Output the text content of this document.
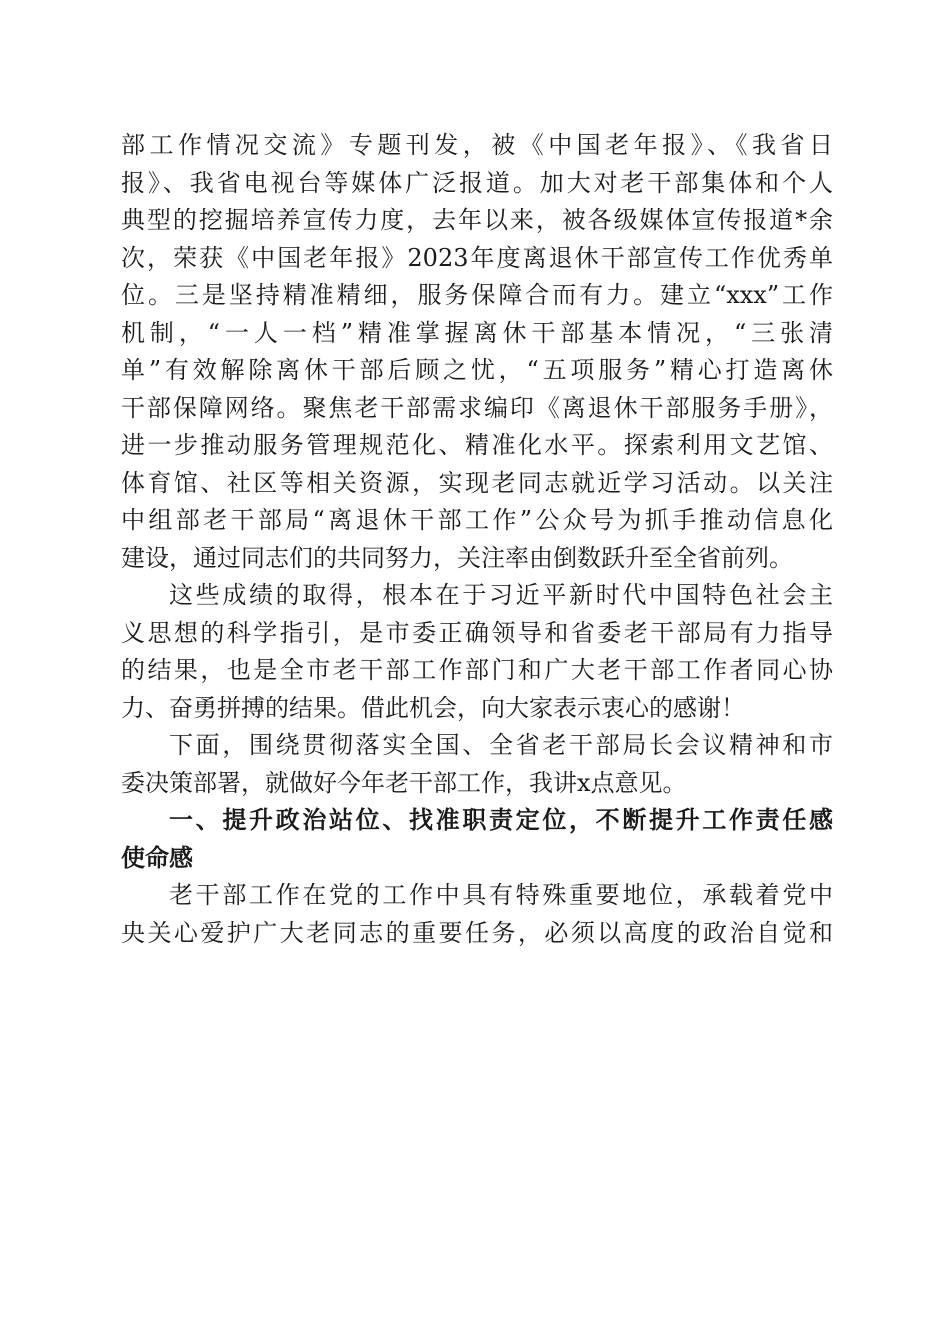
部工作情况交流》专题刊发，被《中国老年报》、《我省日
报》、我省电视台等媒体广泛报道。加大对老干部集体和个人
典型的挖掘培养宣传力度，去年以来，被各级媒体宣传报道*余
次，荣获《中国老年报》2023年度离退休干部宣传工作优秀单
位。三是坚持精准精细，服务保障合而有力。建立“xxx”工作
机制，“一人一档”精准掌握离休干部基本情况，“三张清
单”有效解除离休干部后顾之忧，“五项服务”精心打造离休
干部保障网络。聚焦老干部需求编印《离退休干部服务手册》，
进一步推动服务管理规范化、精准化水平。探索利用文艺馆、
体育馆、社区等相关资源，实现老同志就近学习活动。以关注
中组部老干部局“离退休干部工作”公众号为抓手推动信息化
建设，通过同志们的共同努力，关注率由倒数跃升至全省前列。
这些成绩的取得，根本在于习近平新时代中国特色社会主
义思想的科学指引，是市委正确领导和省委老干部局有力指导
的结果，也是全市老干部工作部门和广大老干部工作者同心协
力、奋勇拼搏的结果。借此机会，向大家表示衷心的感谢！
下面，围绕贯彻落实全国、全省老干部局长会议精神和市
委决策部署，就做好今年老干部工作，我讲x点意见。
一、提升政治站位、找准职责定位，不断提升工作责任感
使命感
老干部工作在党的工作中具有特殊重要地位，承载着党中
央关心爱护广大老同志的重要任务，必须以高度的政治自觉和
